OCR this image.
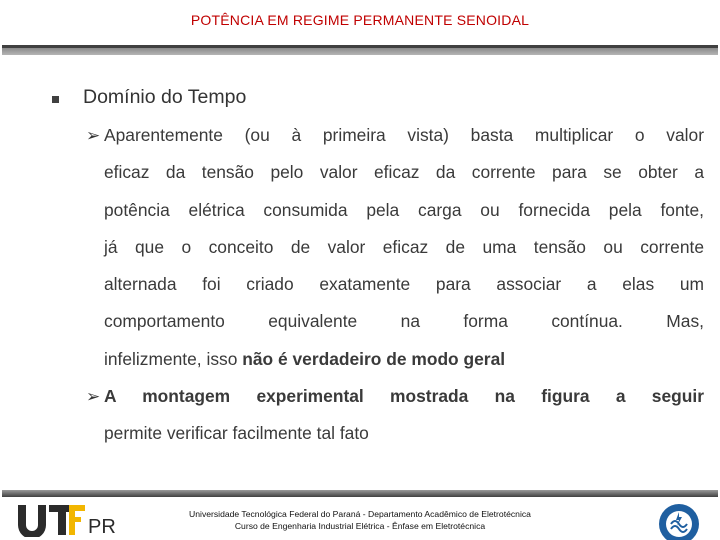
POTÊNCIA EM REGIME PERMANENTE SENOIDAL
Domínio do Tempo
➢ Aparentemente (ou à primeira vista) basta multiplicar o valor
eficaz da tensão pelo valor eficaz da corrente para se obter a
potência elétrica consumida pela carga ou fornecida pela fonte,
já que o conceito de valor eficaz de uma tensão ou corrente
alternada foi criado exatamente para associar a elas um
comportamento equivalente na forma contínua. Mas,
infelizmente, isso não é verdadeiro de modo geral
➢ A montagem experimental mostrada na figura a seguir
permite verificar facilmente tal fato
PR
Universidade Tecnológica Federal do Paraná - Departamento Acadêmico de Eletrotécnica
Curso de Engenharia Industrial Elétrica - Ênfase em Eletrotécnica
